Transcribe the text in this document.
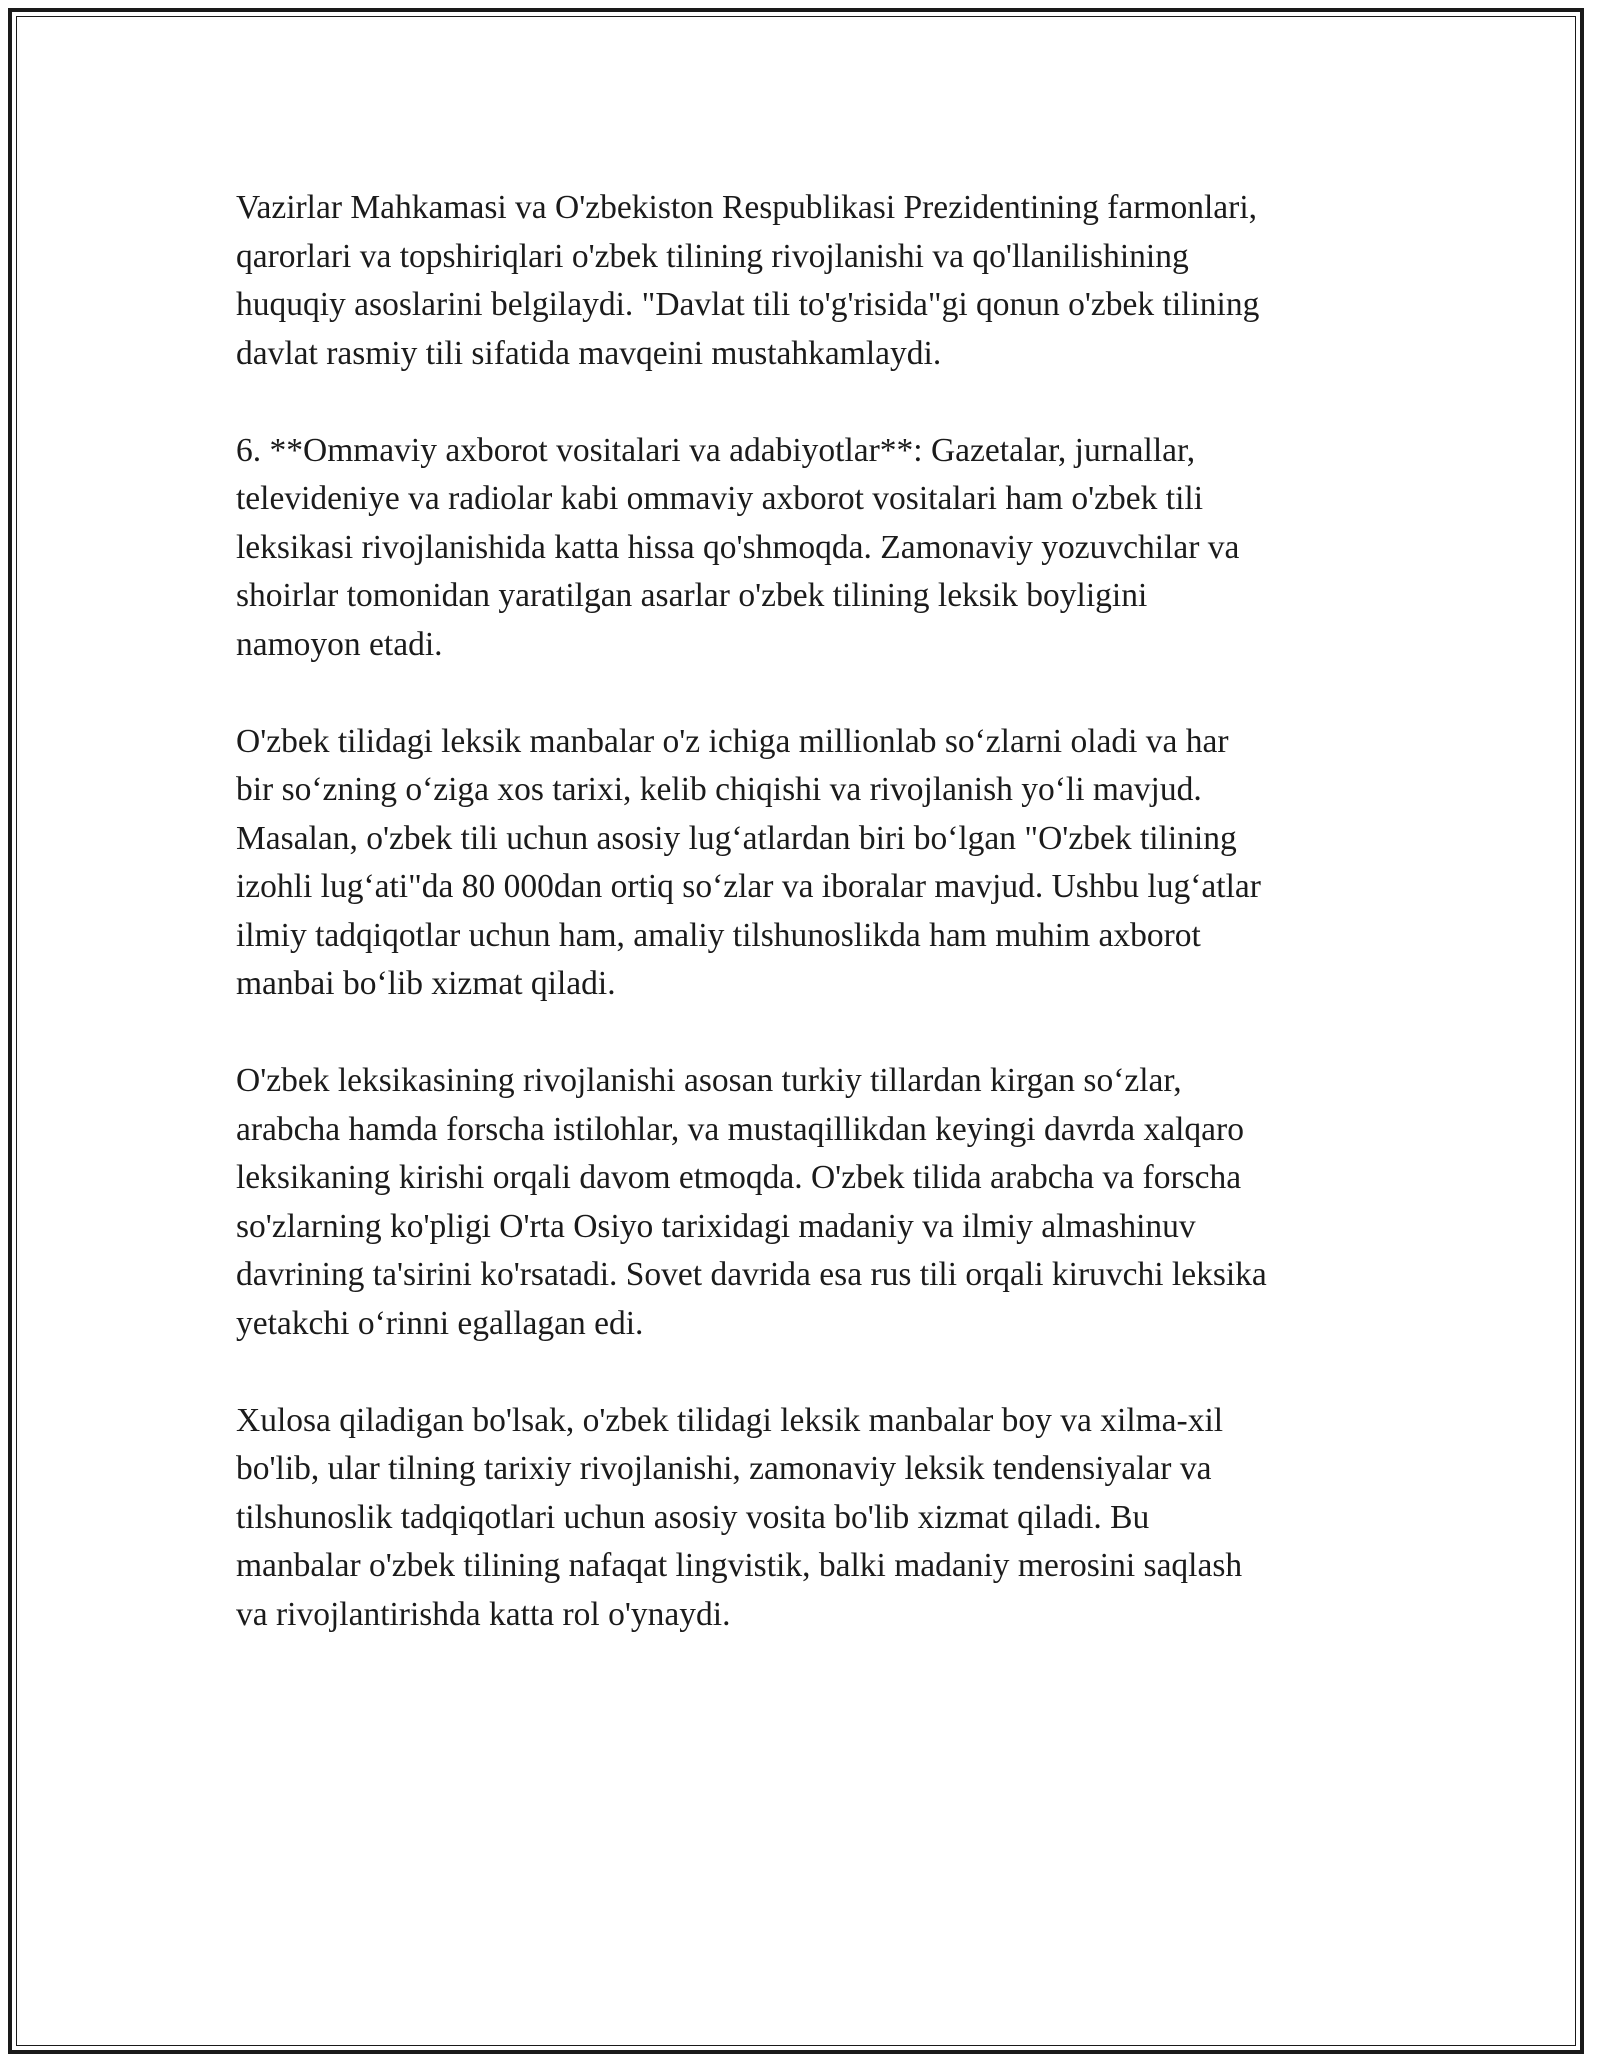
Vazirlar Mahkamasi va O'zbekiston Respublikasi Prezidentining farmonlari,
qarorlari va topshiriqlari o'zbek tilining rivojlanishi va qo'llanilishining
huquqiy asoslarini belgilaydi. "Davlat tili to'g'risida"gi qonun o'zbek tilining
davlat rasmiy tili sifatida mavqeini mustahkamlaydi.

6. **Ommaviy axborot vositalari va adabiyotlar**: Gazetalar, jurnallar,
televideniye va radiolar kabi ommaviy axborot vositalari ham o'zbek tili
leksikasi rivojlanishida katta hissa qo'shmoqda. Zamonaviy yozuvchilar va
shoirlar tomonidan yaratilgan asarlar o'zbek tilining leksik boyligini
namoyon etadi.

O'zbek tilidagi leksik manbalar o'z ichiga millionlab so‘zlarni oladi va har
bir so‘zning o‘ziga xos tarixi, kelib chiqishi va rivojlanish yo‘li mavjud.
Masalan, o'zbek tili uchun asosiy lug‘atlardan biri bo‘lgan "O'zbek tilining
izohli lug‘ati"da 80 000dan ortiq so‘zlar va iboralar mavjud. Ushbu lug‘atlar
ilmiy tadqiqotlar uchun ham, amaliy tilshunoslikda ham muhim axborot
manbai bo‘lib xizmat qiladi.

O'zbek leksikasining rivojlanishi asosan turkiy tillardan kirgan so‘zlar,
arabcha hamda forscha istilohlar, va mustaqillikdan keyingi davrda xalqaro
leksikaning kirishi orqali davom etmoqda. O'zbek tilida arabcha va forscha
so'zlarning ko'pligi O'rta Osiyo tarixidagi madaniy va ilmiy almashinuv
davrining ta'sirini ko'rsatadi. Sovet davrida esa rus tili orqali kiruvchi leksika
yetakchi o‘rinni egallagan edi.

Xulosa qiladigan bo'lsak, o'zbek tilidagi leksik manbalar boy va xilma-xil
bo'lib, ular tilning tarixiy rivojlanishi, zamonaviy leksik tendensiyalar va
tilshunoslik tadqiqotlari uchun asosiy vosita bo'lib xizmat qiladi. Bu
manbalar o'zbek tilining nafaqat lingvistik, balki madaniy merosini saqlash
va rivojlantirishda katta rol o'ynaydi.
